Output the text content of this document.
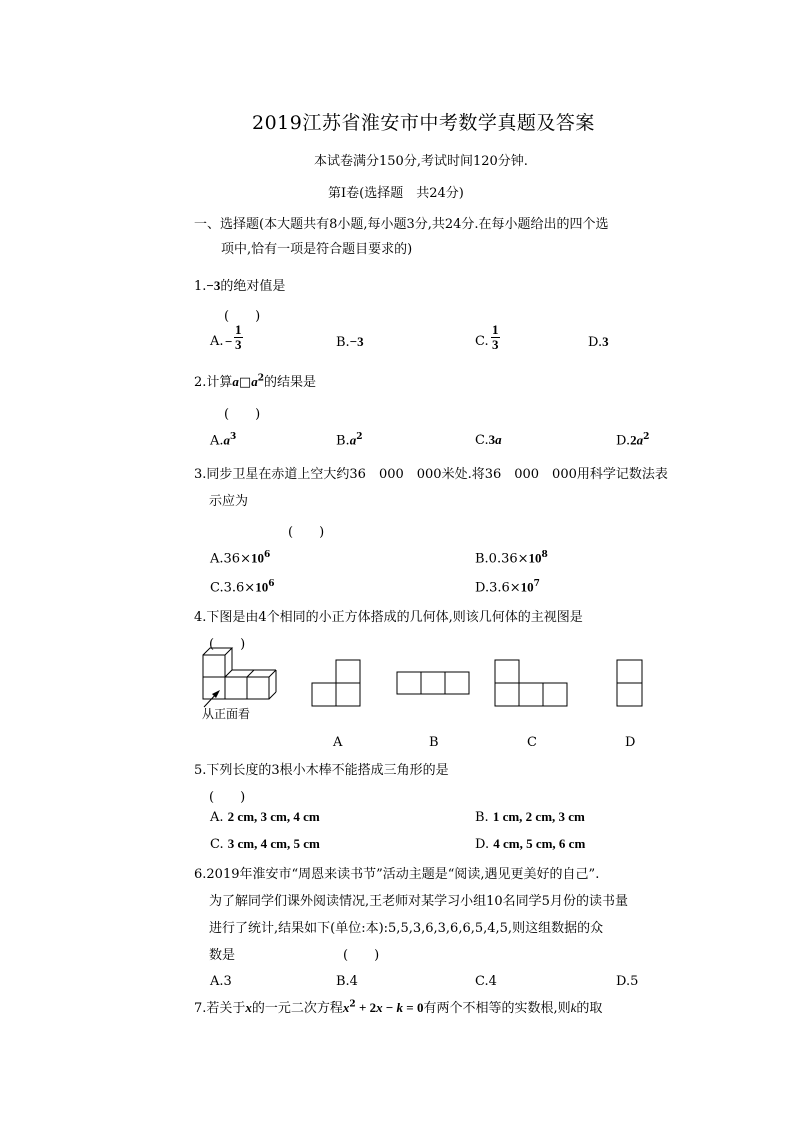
2019江苏省淮安市中考数学真题及答案
本试卷满分150分,考试时间120分钟.
第Ⅰ卷(选择题　共24分)
一、选择题(本大题共有8小题,每小题3分,共24分.在每小题给出的四个选
项中,恰有一项是符合题目要求的)
1.−3的绝对值是
(　　)
A. − $\frac{1}{3}$	B.−3	C. $\frac{1}{3}$	D.3
2.计算$a□a^2$的结果是
(　　)
$A.a^3$	$B.a^2$	C.3a	$D.2a^2$
3.同步卫星在赤道上空大约36　000　000米处.将36　000　000用科学记数法表
示应为
(　　)
$A.36\times 10^6$	$B.0.36\times 10^8$
$C.3.6\times 10^6$	$D.3.6\times 10^7$
4.下图是由4个相同的小正方体搭成的几何体,则该几何体的主视图是
(　　)
从正面看
A	B	C	D
5.下列长度的3根小木棒不能搭成三角形的是
(　　)
A. 2 cm, 3 cm, 4 cm	B. 1 cm, 2 cm, 3 cm
C. 3 cm, 4 cm, 5 cm	D. 4 cm, 5 cm, 6 cm
6.2019年淮安市“周恩来读书节”活动主题是“阅读,遇见更美好的自己”.
为了解同学们课外阅读情况,王老师对某学习小组10名同学5月份的读书量
进行了统计,结果如下(单位:本):5,5,3,6,3,6,6,5,4,5,则这组数据的众
数是	(　　)
A.3	B.4	C.4	D.5
7.若关于x的一元二次方程$x^2 + 2x - k = 0$有两个不相等的实数根,则k的取
